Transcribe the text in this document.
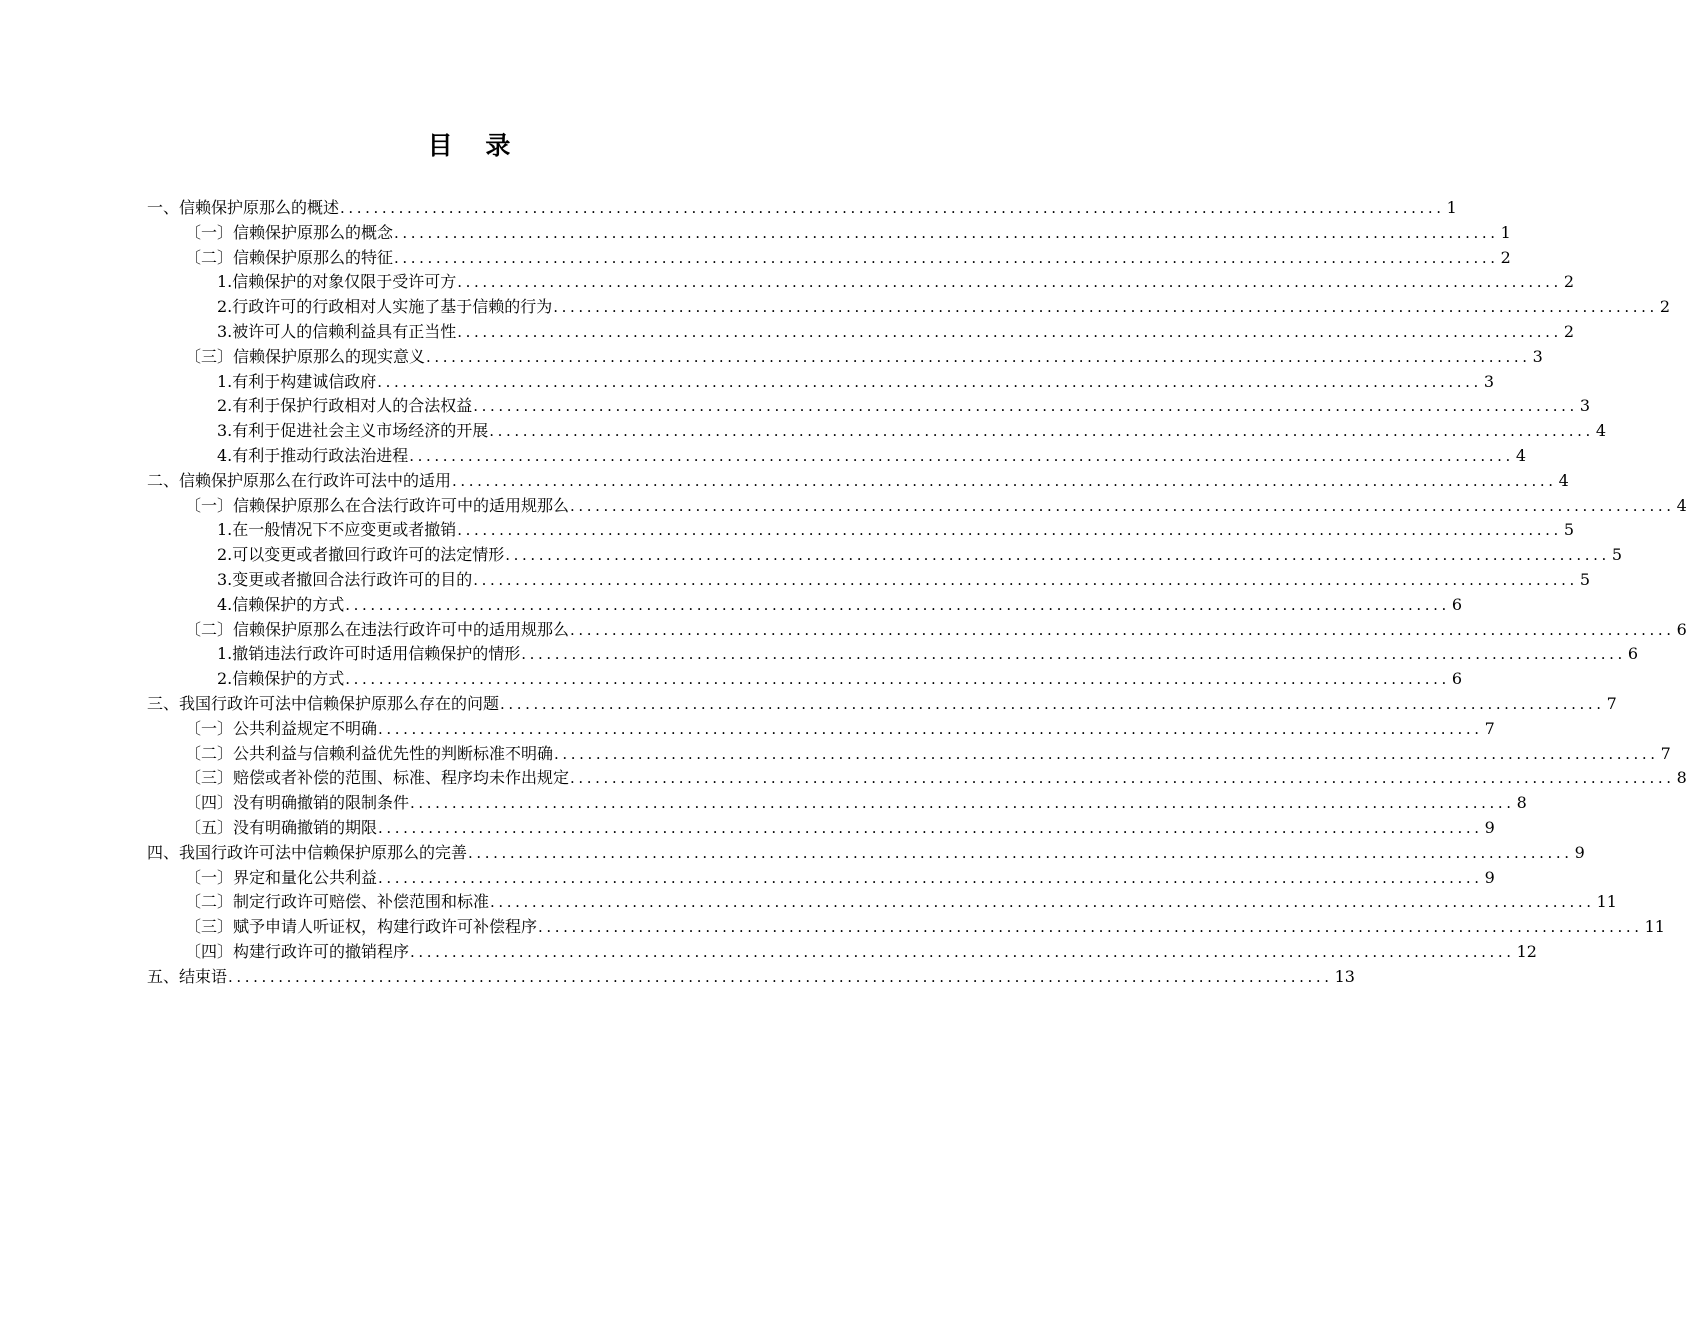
目 录
一、信赖保护原那么的概述 .................................................................................................................................... 1
〔一〕信赖保护原那么的概念 .................................................................................................................................... 1
〔二〕信赖保护原那么的特征 .................................................................................................................................... 2
1.信赖保护的对象仅限于受许可方 .................................................................................................................................... 2
2.行政许可的行政相对人实施了基于信赖的行为 .................................................................................................................................... 2
3.被许可人的信赖利益具有正当性 .................................................................................................................................... 2
〔三〕信赖保护原那么的现实意义 .................................................................................................................................... 3
1.有利于构建诚信政府 .................................................................................................................................... 3
2.有利于保护行政相对人的合法权益 .................................................................................................................................... 3
3.有利于促进社会主义市场经济的开展 .................................................................................................................................... 4
4.有利于推动行政法治进程 .................................................................................................................................... 4
二、信赖保护原那么在行政许可法中的适用 .................................................................................................................................... 4
〔一〕信赖保护原那么在合法行政许可中的适用规那么 .................................................................................................................................... 4
1.在一般情况下不应变更或者撤销 .................................................................................................................................... 5
2.可以变更或者撤回行政许可的法定情形 .................................................................................................................................... 5
3.变更或者撤回合法行政许可的目的 .................................................................................................................................... 5
4.信赖保护的方式 .................................................................................................................................... 6
〔二〕信赖保护原那么在违法行政许可中的适用规那么 .................................................................................................................................... 6
1.撤销违法行政许可时适用信赖保护的情形 .................................................................................................................................... 6
2.信赖保护的方式 .................................................................................................................................... 6
三、我国行政许可法中信赖保护原那么存在的问题 .................................................................................................................................... 7
〔一〕公共利益规定不明确 .................................................................................................................................... 7
〔二〕公共利益与信赖利益优先性的判断标准不明确 .................................................................................................................................... 7
〔三〕赔偿或者补偿的范围、标准、程序均未作出规定 .................................................................................................................................... 8
〔四〕没有明确撤销的限制条件 .................................................................................................................................... 8
〔五〕没有明确撤销的期限 .................................................................................................................................... 9
四、我国行政许可法中信赖保护原那么的完善 .................................................................................................................................... 9
〔一〕界定和量化公共利益 .................................................................................................................................... 9
〔二〕制定行政许可赔偿、补偿范围和标准 .................................................................................................................................... 11
〔三〕赋予申请人听证权，构建行政许可补偿程序 .................................................................................................................................... 11
〔四〕构建行政许可的撤销程序 .................................................................................................................................... 12
五、结束语 .................................................................................................................................... 13
